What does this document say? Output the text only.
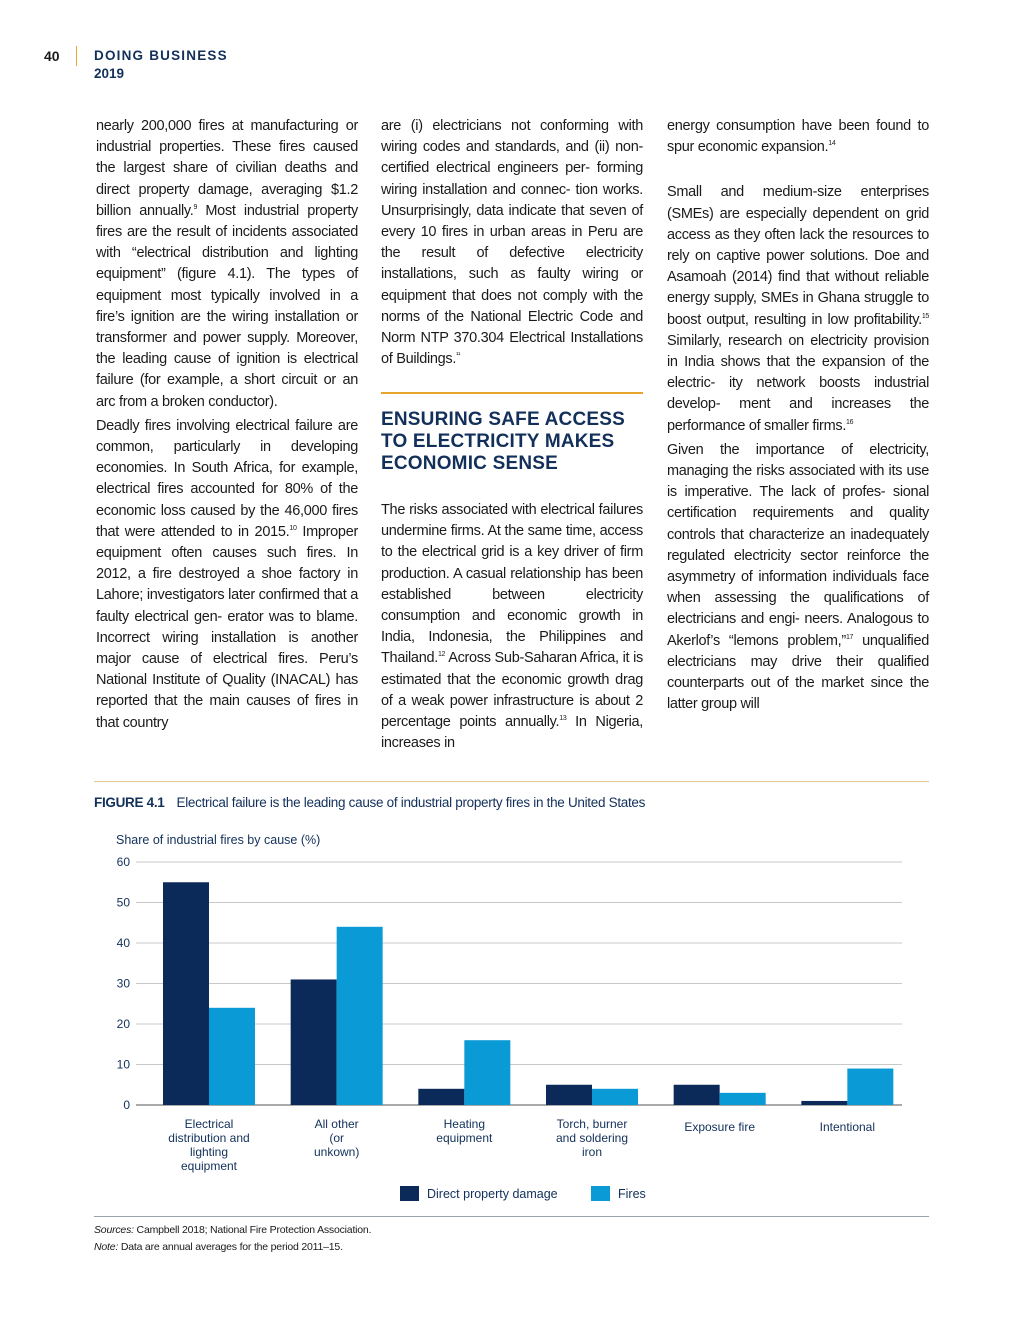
40	DOING BUSINESS
2019

nearly 200,000 fires at manufacturing or industrial properties. These fires caused the largest share of civilian deaths and direct property damage, averaging $1.2 billion annually.$^9$ Most industrial property fires are the result of incidents associated with “electrical distribution and lighting equipment” (figure 4.1). The types of equipment most typically involved in a fire’s ignition are the wiring installation or transformer and power supply. Moreover, the leading cause of ignition is electrical failure (for example, a short circuit or an arc from a broken conductor).

Deadly fires involving electrical failure are common, particularly in developing economies. In South Africa, for example, electrical fires accounted for 80% of the economic loss caused by the 46,000 fires that were attended to in 2015.10 Improper equipment often causes such fires. In 2012, a fire destroyed a shoe factory in Lahore; investigators later confirmed that a faulty electrical gen- erator was to blame. Incorrect wiring installation is another major cause of electrical fires. Peru’s National Institute of Quality (INACAL) has reported that the main causes of fires in that country

are (i) electricians not conforming with wiring codes and standards, and (ii) non-certified electrical engineers per- forming wiring installation and connec- tion works. Unsurprisingly, data indicate that seven of every 10 fires in urban areas in Peru are the result of defective electricity installations, such as faulty wiring or equipment that does not comply with the norms of the National Electric Code and Norm NTP 370.304 Electrical Installations of Buildings.$^{^{11}}$

ENSURING SAFE ACCESS TO ELECTRICITY MAKES ECONOMIC SENSE

The risks associated with electrical failures undermine firms. At the same time, access to the electrical grid is a key driver of firm production. A casual relationship has been established between electricity consumption and economic growth in India, Indonesia, the Philippines and Thailand.$^{12}$ Across Sub-Saharan Africa, it is estimated that the economic growth drag of a weak power infrastructure is about 2 percentage points annually.$^{13}$ In Nigeria, increases in

energy consumption have been found to spur economic expansion.$^{14}$

Small and medium-size enterprises (SMEs) are especially dependent on grid access as they often lack the resources to rely on captive power solutions. Doe and Asamoah (2014) find that without reliable energy supply, SMEs in Ghana struggle to boost output, resulting in low profitability.$^{15}$ Similarly, research on electricity provision in India shows that the expansion of the electric- ity network boosts industrial develop- ment and increases the performance of smaller firms.$^{16}$

Given the importance of electricity, managing the risks associated with its use is imperative. The lack of profes- sional certification requirements and quality controls that characterize an inadequately regulated electricity sector reinforce the asymmetry of information individuals face when assessing the qualifications of electricians and engi- neers. Analogous to Akerlof’s “lemons problem,”$^{17}$ unqualified electricians may drive their qualified counterparts out of the market since the latter group will

FIGURE 4.1 Electrical failure is the leading cause of industrial property fires in the United States
Share of industrial fires by cause (%)
0
10
20
30
40
50
60
Electrical distribution and lighting equipment
All other (or unkown)
Heating equipment
Torch, burner and soldering iron
Exposure fire	Intentional
Direct property damage	Fires
Sources: Campbell 2018; National Fire Protection Association.
Note: Data are annual averages for the period 2011–15.
